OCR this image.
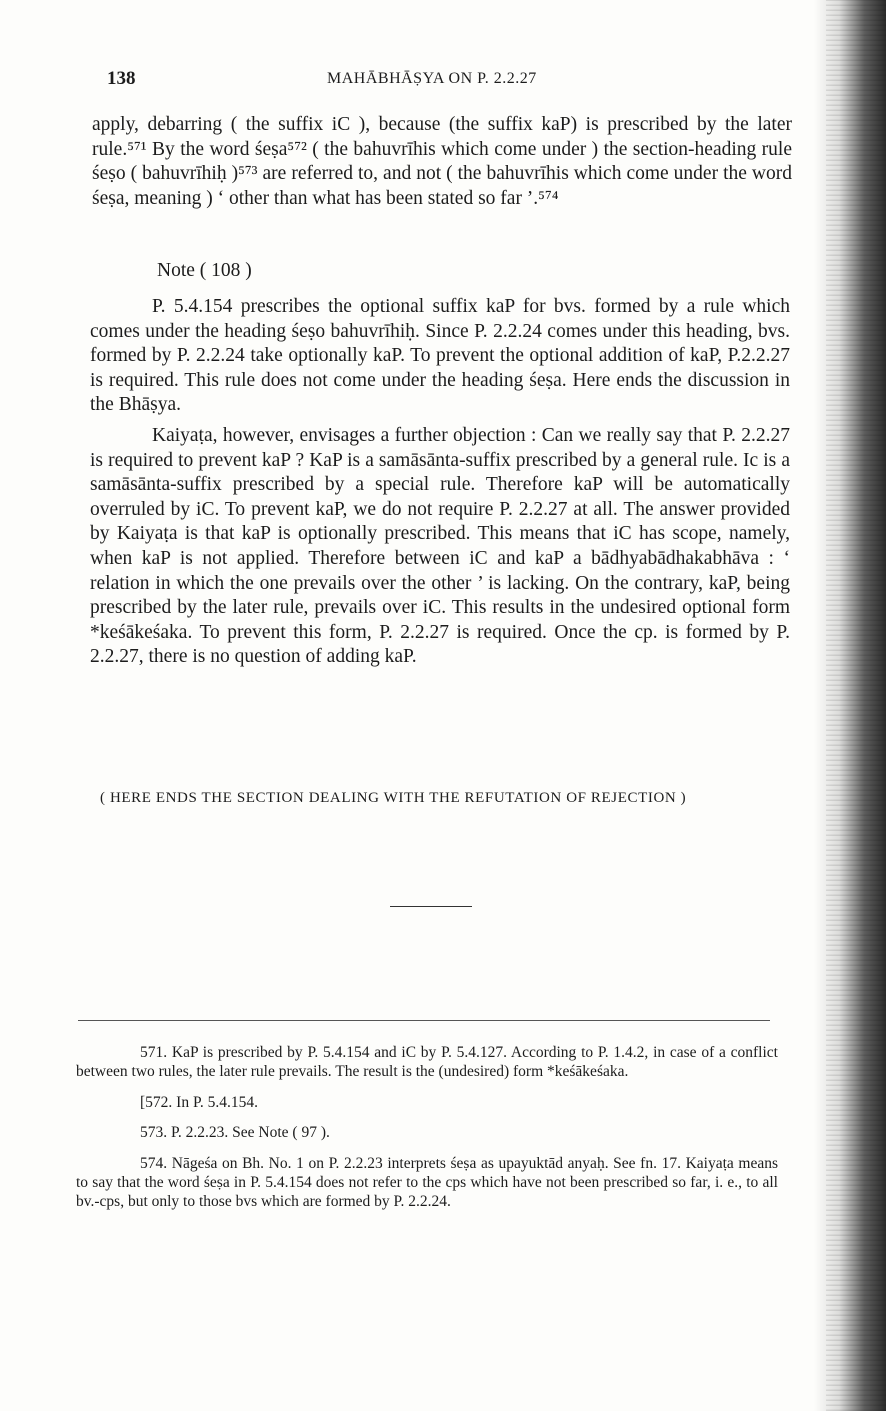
138	MAHĀBHĀṢYA ON P. 2.2.27

apply, debarring ( the suffix iC ), because (the suffix kaP) is prescribed by the later rule.⁵⁷¹ By the word śeṣa⁵⁷² ( the bahuvrīhis which come under ) the section-heading rule śeṣo ( bahuvrīhiḥ )⁵⁷³ are referred to, and not ( the bahuvrīhis which come under the word śeṣa, meaning ) ‘ other than what has been stated so far ’.⁵⁷⁴

Note ( 108 )

P. 5.4.154 prescribes the optional suffix kaP for bvs. formed by a rule which comes under the heading śeṣo bahuvrīhiḥ. Since P. 2.2.24 comes under this heading, bvs. formed by P. 2.2.24 take optionally kaP. To prevent the optional addition of kaP, P.2.2.27 is required. This rule does not come under the heading śeṣa. Here ends the discussion in the Bhāṣya.

Kaiyaṭa, however, envisages a further objection : Can we really say that P. 2.2.27 is required to prevent kaP ? KaP is a samāsānta-suffix prescribed by a general rule. Ic is a samāsānta-suffix prescribed by a special rule. Therefore kaP will be automatically overruled by iC. To prevent kaP, we do not require P. 2.2.27 at all. The answer provided by Kaiyaṭa is that kaP is optionally prescribed. This means that iC has scope, namely, when kaP is not applied. Therefore between iC and kaP a bādhyabādhakabhāva : ‘ relation in which the one prevails over the other ’ is lacking. On the contrary, kaP, being prescribed by the later rule, prevails over iC. This results in the undesired optional form *keśākeśaka. To prevent this form, P. 2.2.27 is required. Once the cp. is formed by P. 2.2.27, there is no question of adding kaP.

( HERE ENDS THE SECTION DEALING WITH THE REFUTATION OF REJECTION )

571. KaP is prescribed by P. 5.4.154 and iC by P. 5.4.127. According to P. 1.4.2, in case of a conflict between two rules, the later rule prevails. The result is the (undesired) form *keśākeśaka.

[572. In P. 5.4.154.

573. P. 2.2.23. See Note ( 97 ).

574. Nāgeśa on Bh. No. 1 on P. 2.2.23 interprets śeṣa as upayuktād anyaḥ. See fn. 17. Kaiyaṭa means to say that the word śeṣa in P. 5.4.154 does not refer to the cps which have not been prescribed so far, i. e., to all bv.-cps, but only to those bvs which are formed by P. 2.2.24.
